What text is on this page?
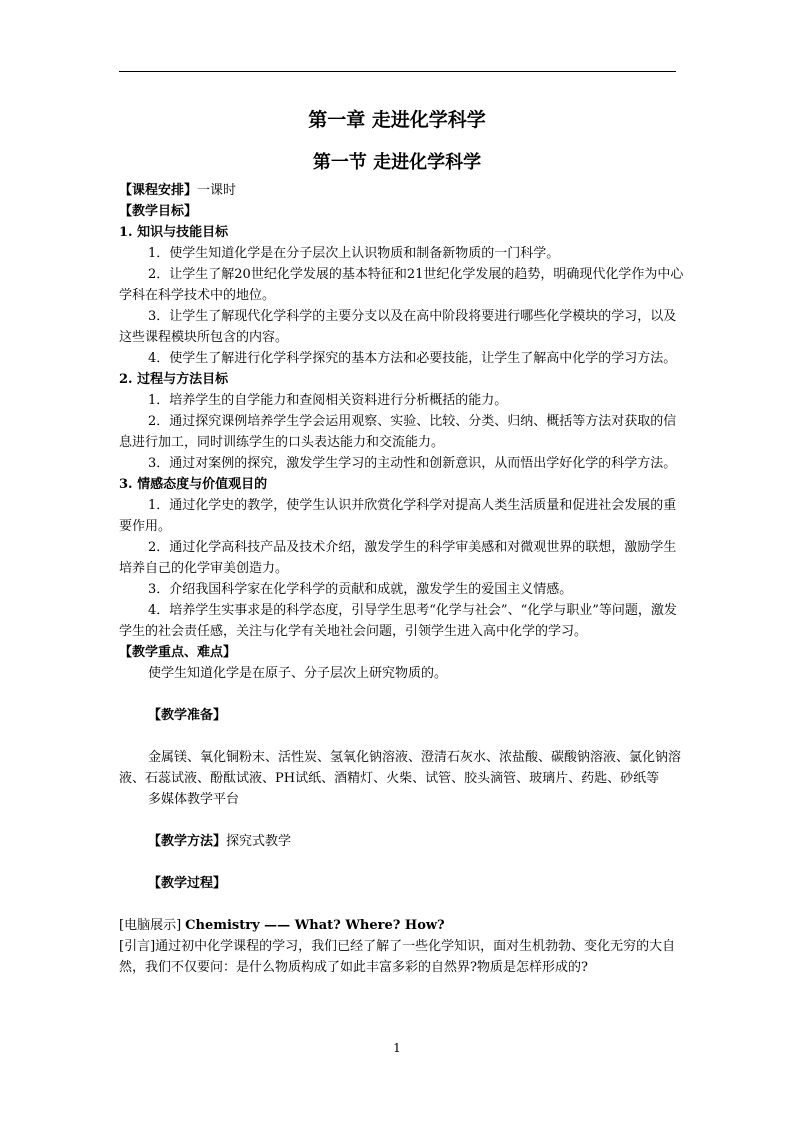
第一章 走进化学科学
第一节 走进化学科学

【课程安排】一课时

【教学目标】

1. 知识与技能目标

1．使学生知道化学是在分子层次上认识物质和制备新物质的一门科学。

2．让学生了解20世纪化学发展的基本特征和21世纪化学发展的趋势，明确现代化学作为中心学科在科学技术中的地位。

3．让学生了解现代化学科学的主要分支以及在高中阶段将要进行哪些化学模块的学习，以及这些课程模块所包含的内容。

4．使学生了解进行化学科学探究的基本方法和必要技能，让学生了解高中化学的学习方法。

2. 过程与方法目标

1．培养学生的自学能力和查阅相关资料进行分析概括的能力。

2．通过探究课例培养学生学会运用观察、实验、比较、分类、归纳、概括等方法对获取的信息进行加工，同时训练学生的口头表达能力和交流能力。

3．通过对案例的探究，激发学生学习的主动性和创新意识，从而悟出学好化学的科学方法。

3. 情感态度与价值观目的

1．通过化学史的教学，使学生认识并欣赏化学科学对提高人类生活质量和促进社会发展的重要作用。

2．通过化学高科技产品及技术介绍，激发学生的科学审美感和对微观世界的联想，激励学生培养自己的化学审美创造力。

3．介绍我国科学家在化学科学的贡献和成就，激发学生的爱国主义情感。

4．培养学生实事求是的科学态度，引导学生思考“化学与社会”、“化学与职业”等问题，激发学生的社会责任感，关注与化学有关地社会问题，引领学生进入高中化学的学习。

【教学重点、难点】

使学生知道化学是在原子、分子层次上研究物质的。

【教学准备】

金属镁、氧化铜粉末、活性炭、氢氧化钠溶液、澄清石灰水、浓盐酸、碳酸钠溶液、氯化钠溶液、石蕊试液、酚酞试液、PH试纸、酒精灯、火柴、试管、胶头滴管、玻璃片、药匙、砂纸等

多媒体教学平台

【教学方法】探究式教学

【教学过程】

[电脑展示] Chemistry —— What? Where? How?

[引言]通过初中化学课程的学习，我们已经了解了一些化学知识，面对生机勃勃、变化无穷的大自然，我们不仅要问：是什么物质构成了如此丰富多彩的自然界?物质是怎样形成的?

1
